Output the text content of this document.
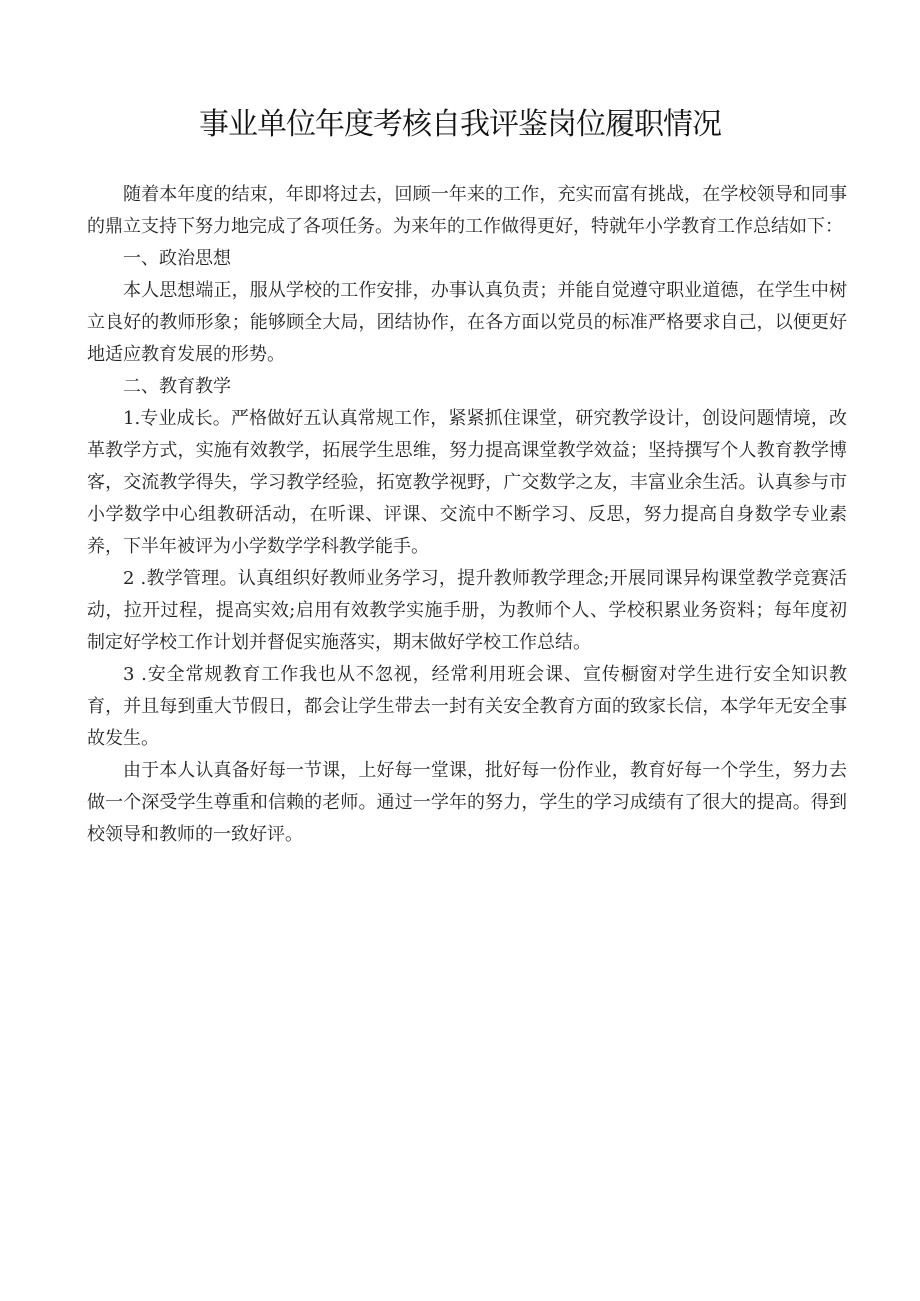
事业单位年度考核自我评鉴岗位履职情况

随着本年度的结束，年即将过去，回顾一年来的工作，充实而富有挑战，在学校领导和同事的鼎立支持下努力地完成了各项任务。为来年的工作做得更好，特就年小学教育工作总结如下：

一、政治思想

本人思想端正，服从学校的工作安排，办事认真负责；并能自觉遵守职业道德，在学生中树立良好的教师形象；能够顾全大局，团结协作，在各方面以党员的标准严格要求自己，以便更好地适应教育发展的形势。

二、教育教学

1.专业成长。严格做好五认真常规工作，紧紧抓住课堂，研究教学设计，创设问题情境，改革教学方式，实施有效教学，拓展学生思维，努力提高课堂教学效益；坚持撰写个人教育教学博客，交流教学得失，学习教学经验，拓宽教学视野，广交数学之友，丰富业余生活。认真参与市小学数学中心组教研活动，在听课、评课、交流中不断学习、反思，努力提高自身数学专业素养，下半年被评为小学数学学科教学能手。

2 .教学管理。认真组织好教师业务学习，提升教师教学理念;开展同课异构课堂教学竞赛活动，拉开过程，提高实效;启用有效教学实施手册，为教师个人、学校积累业务资料；每年度初制定好学校工作计划并督促实施落实，期末做好学校工作总结。

3 .安全常规教育工作我也从不忽视，经常利用班会课、宣传橱窗对学生进行安全知识教育，并且每到重大节假日，都会让学生带去一封有关安全教育方面的致家长信，本学年无安全事故发生。

由于本人认真备好每一节课，上好每一堂课，批好每一份作业，教育好每一个学生，努力去做一个深受学生尊重和信赖的老师。通过一学年的努力，学生的学习成绩有了很大的提高。得到校领导和教师的一致好评。
